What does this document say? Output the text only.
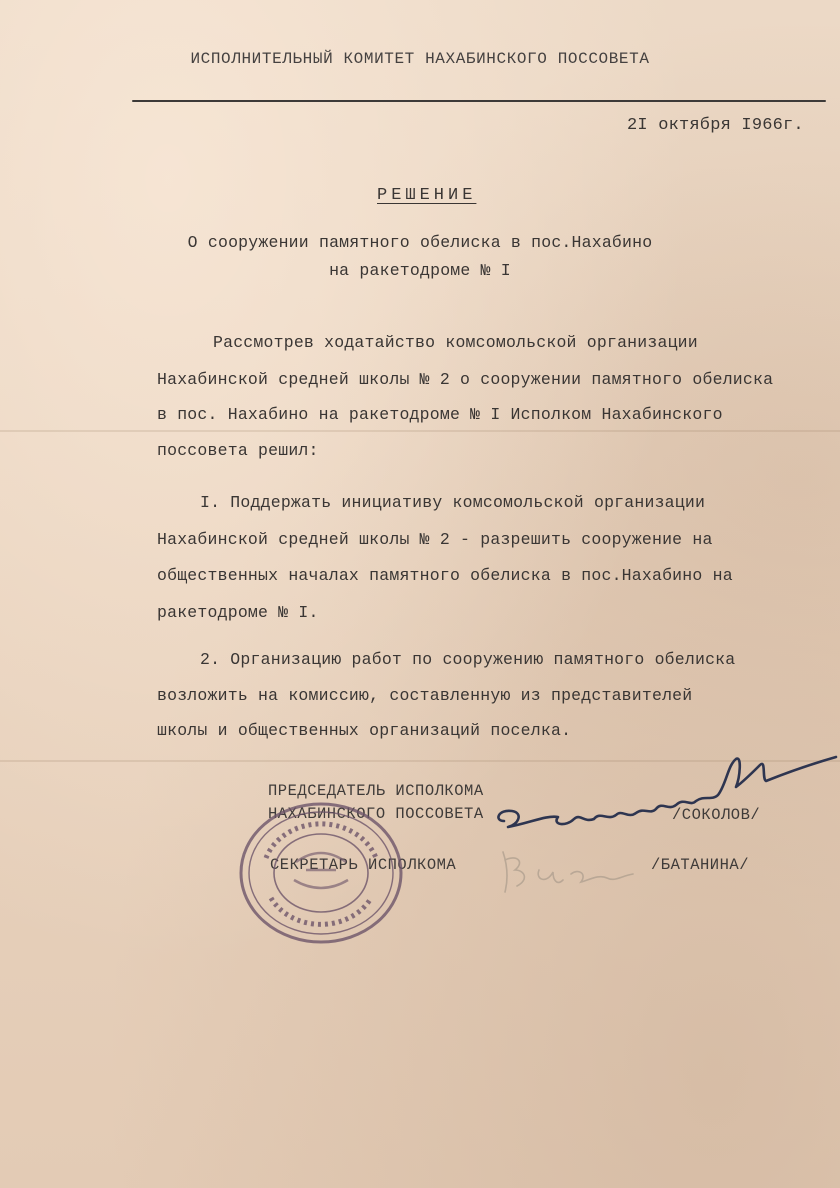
ИСПОЛНИТЕЛЬНЫЙ КОМИТЕТ НАХАБИНСКОГО ПОССОВЕТА

2I октября I966г.

РЕШЕНИЕ

О сооружении памятного обелиска в пос.Нахабино

на ракетодроме № I

Рассмотрев ходатайство комсомольской организации

Нахабинской средней школы № 2 о сооружении памятного обелиска

в пос. Нахабино на ракетодроме № I Исполком Нахабинского

поссовета решил:

I. Поддержать инициативу комсомольской организации

Нахабинской средней школы № 2 - разрешить сооружение на

общественных началах памятного обелиска в пос.Нахабино на

ракетодроме № I.

2. Организацию работ по сооружению памятного обелиска

возложить на комиссию, составленную из представителей

школы и общественных организаций поселка.

ПРЕДСЕДАТЕЛЬ ИСПОЛКОМА

НАХАБИНСКОГО ПОССОВЕТА	/СОКОЛОВ/

СЕКРЕТАРЬ ИСПОЛКОМА	/БАТАНИНА/
